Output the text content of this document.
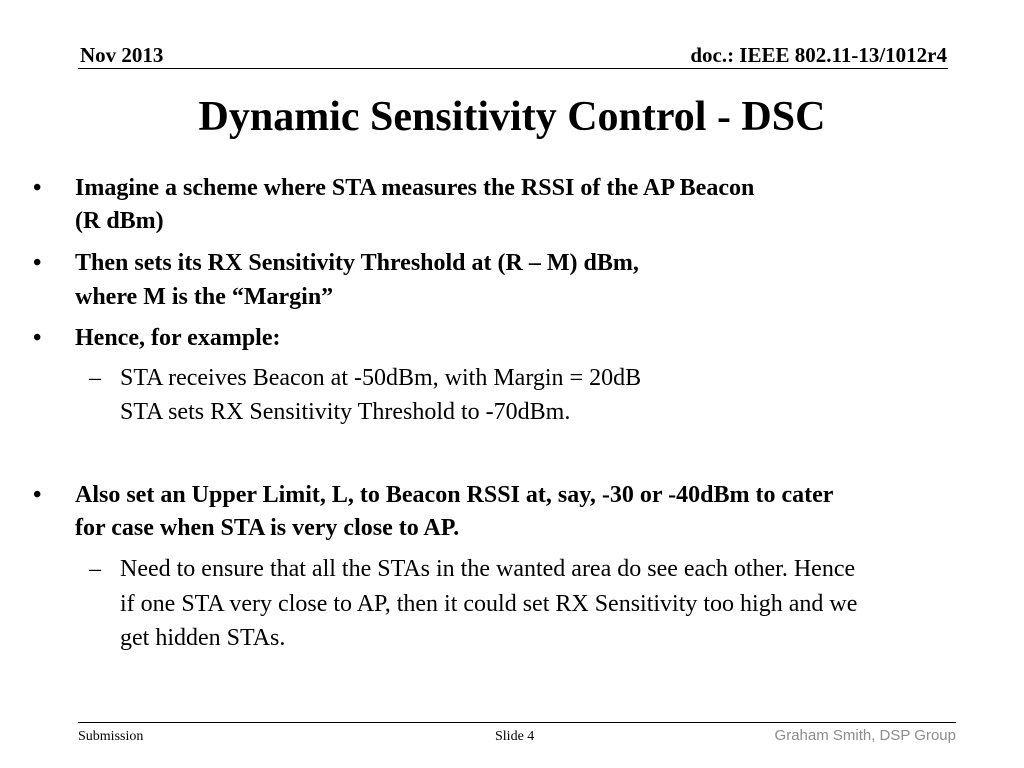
Nov 2013	doc.: IEEE 802.11-13/1012r4
Dynamic Sensitivity Control - DSC
• Imagine a scheme where STA measures the RSSI of the AP Beacon
(R dBm)
• Then sets its RX Sensitivity Threshold at (R – M) dBm,
where M is the “Margin”
• Hence, for example:
– STA receives Beacon at -50dBm, with Margin = 20dB
STA sets RX Sensitivity Threshold to -70dBm.
• Also set an Upper Limit, L, to Beacon RSSI at, say, -30 or -40dBm to cater
for case when STA is very close to AP.
– Need to ensure that all the STAs in the wanted area do see each other. Hence
if one STA very close to AP, then it could set RX Sensitivity too high and we
get hidden STAs.
Submission	Slide 4	Graham Smith, DSP Group
